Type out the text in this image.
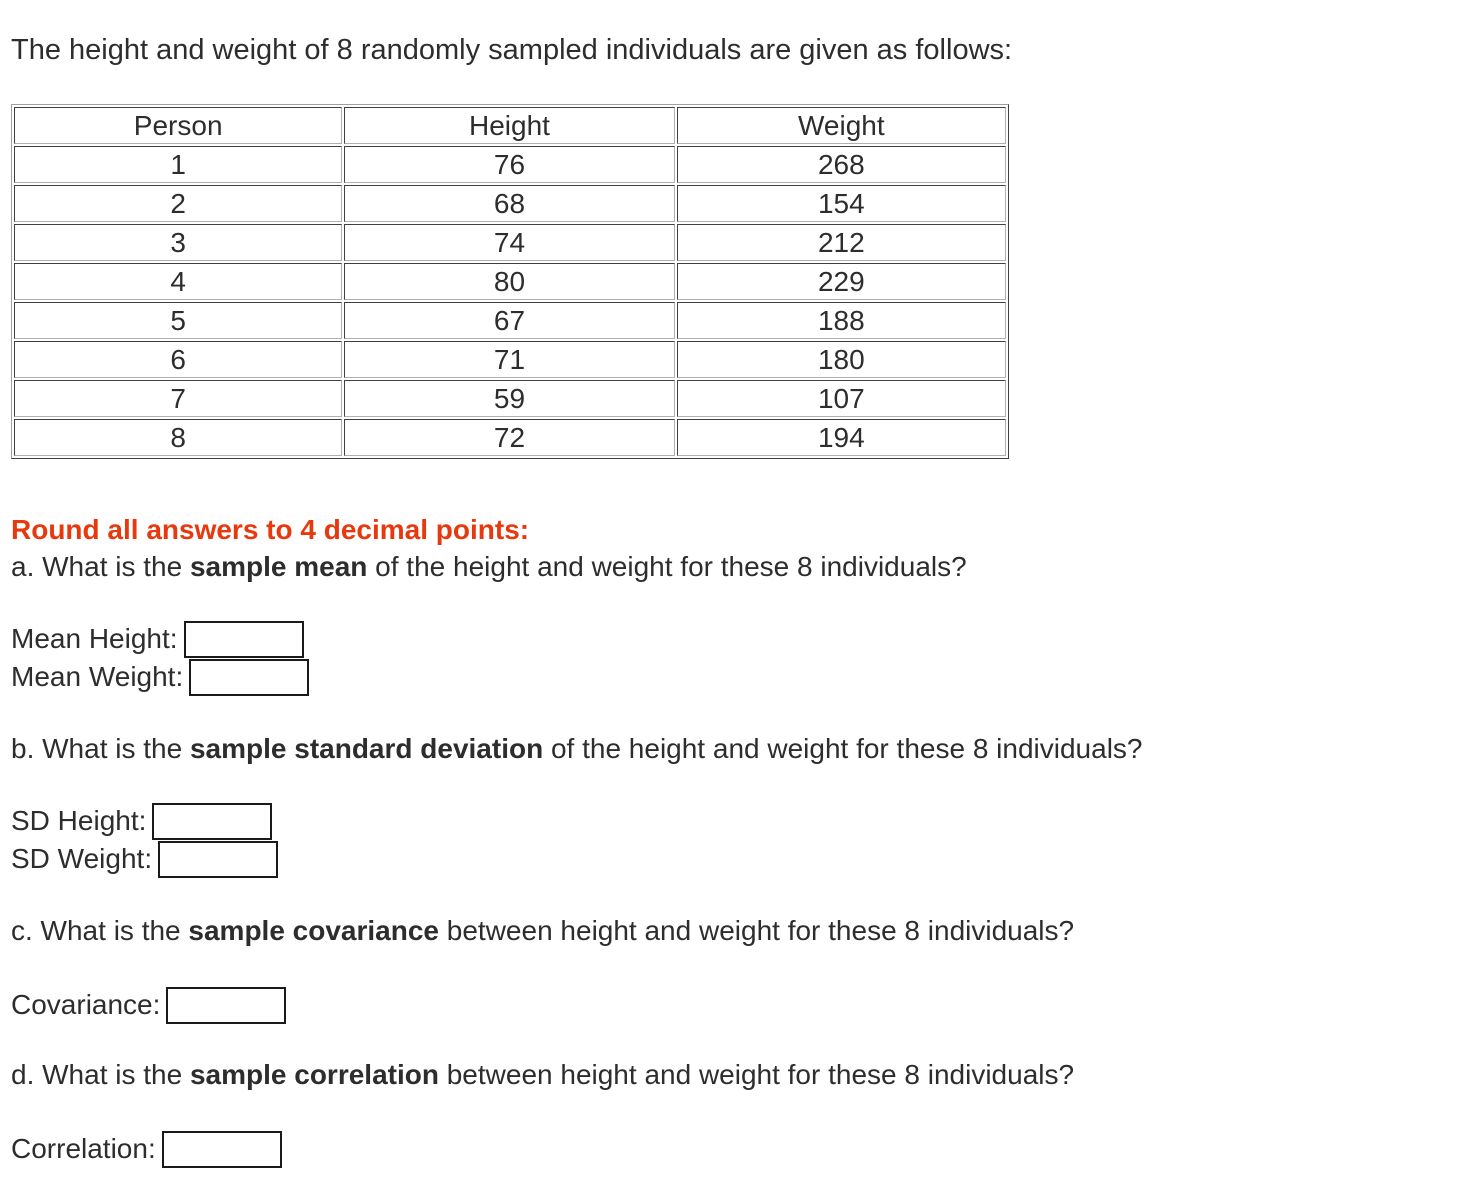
The height and weight of 8 randomly sampled individuals are given as follows:
Person	Height	Weight
1	76	268
2	68	154
3	74	212
4	80	229
5	67	188
6	71	180
7	59	107
8	72	194
Round all answers to 4 decimal points:
a. What is the sample mean of the height and weight for these 8 individuals?
Mean Height:
Mean Weight:
b. What is the sample standard deviation of the height and weight for these 8 individuals?
SD Height:
SD Weight:
c. What is the sample covariance between height and weight for these 8 individuals?
Covariance:
d. What is the sample correlation between height and weight for these 8 individuals?
Correlation:
